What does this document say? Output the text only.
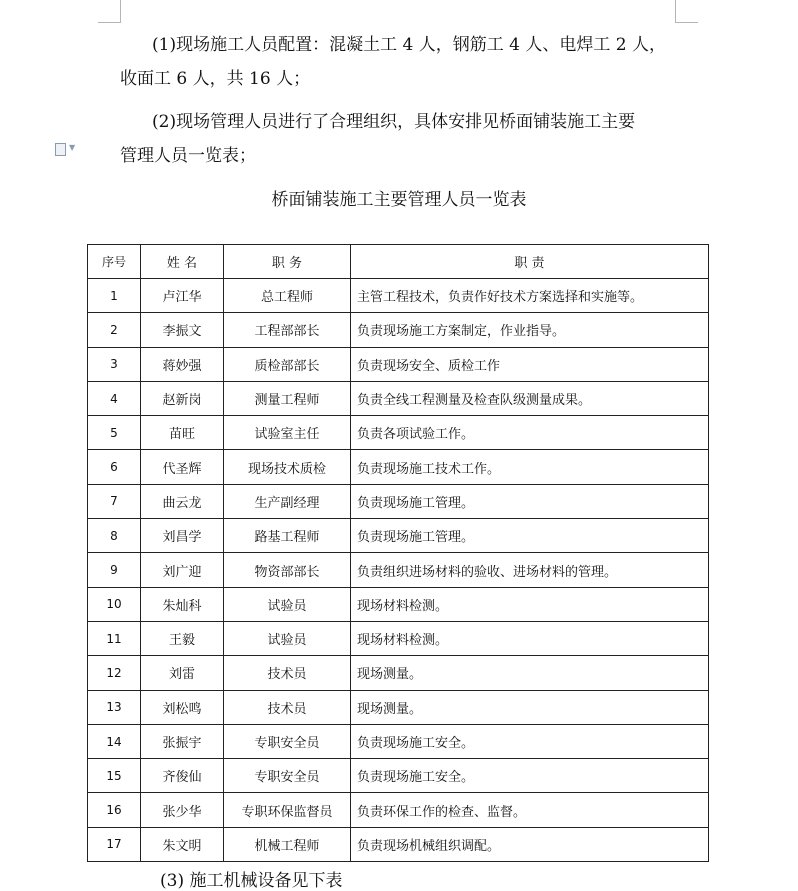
(1)现场施工人员配置：混凝土工 4 人，钢筋工 4 人、电焊工 2 人，
收面工 6 人，共 16 人；
▼
(2)现场管理人员进行了合理组织，具体安排见桥面铺装施工主要
管理人员一览表；
桥面铺装施工主要管理人员一览表
序号	姓 名	职 务	职 责
1	卢江华	总工程师	主管工程技术，负责作好技术方案选择和实施等。
2	李振文	工程部部长	负责现场施工方案制定，作业指导。
3	蒋妙强	质检部部长	负责现场安全、质检工作
4	赵新岗	测量工程师	负责全线工程测量及检查队级测量成果。
5	苗旺	试验室主任	负责各项试验工作。
6	代圣辉	现场技术质检	负责现场施工技术工作。
7	曲云龙	生产副经理	负责现场施工管理。
8	刘昌学	路基工程师	负责现场施工管理。
9	刘广迎	物资部部长	负责组织进场材料的验收、进场材料的管理。
10	朱灿科	试验员	现场材料检测。
11	王毅	试验员	现场材料检测。
12	刘雷	技术员	现场测量。
13	刘松鸣	技术员	现场测量。
14	张振宇	专职安全员	负责现场施工安全。
15	齐俊仙	专职安全员	负责现场施工安全。
16	张少华	专职环保监督员	负责环保工作的检查、监督。
17	朱文明	机械工程师	负责现场机械组织调配。
(3) 施工机械设备见下表
